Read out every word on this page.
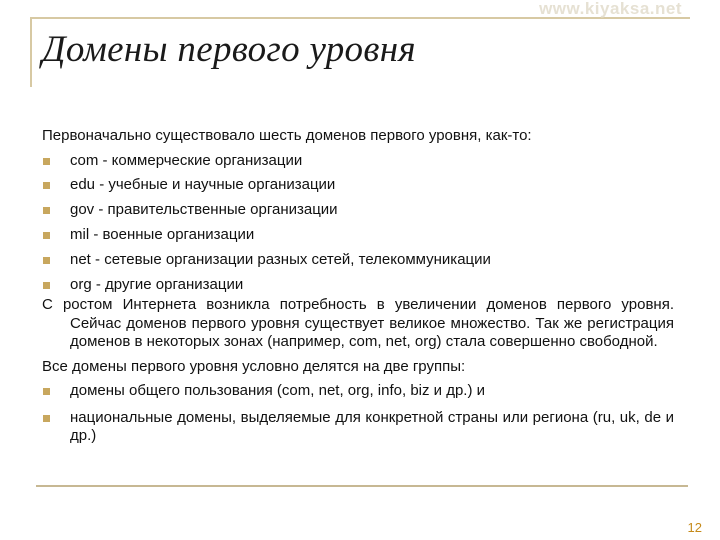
www.kiyaksa.net
Домены первого уровня

Первоначально существовало шесть доменов первого уровня, как-то:

com - коммерческие организации
edu - учебные и научные организации
gov - правительственные организации
mil - военные организации
net - сетевые организации разных сетей, телекоммуникации
org - другие организации

С ростом Интернета возникла потребность в увеличении доменов первого уровня. Сейчас доменов первого уровня существует великое множество. Так же регистрация доменов в некоторых зонах (например, com, net, org) стала совершенно свободной.

Все домены первого уровня условно делятся на две группы:

домены общего пользования (com, net, org, info, biz и др.) и
национальные домены, выделяемые для конкретной страны или региона (ru, uk, de и др.)
12
